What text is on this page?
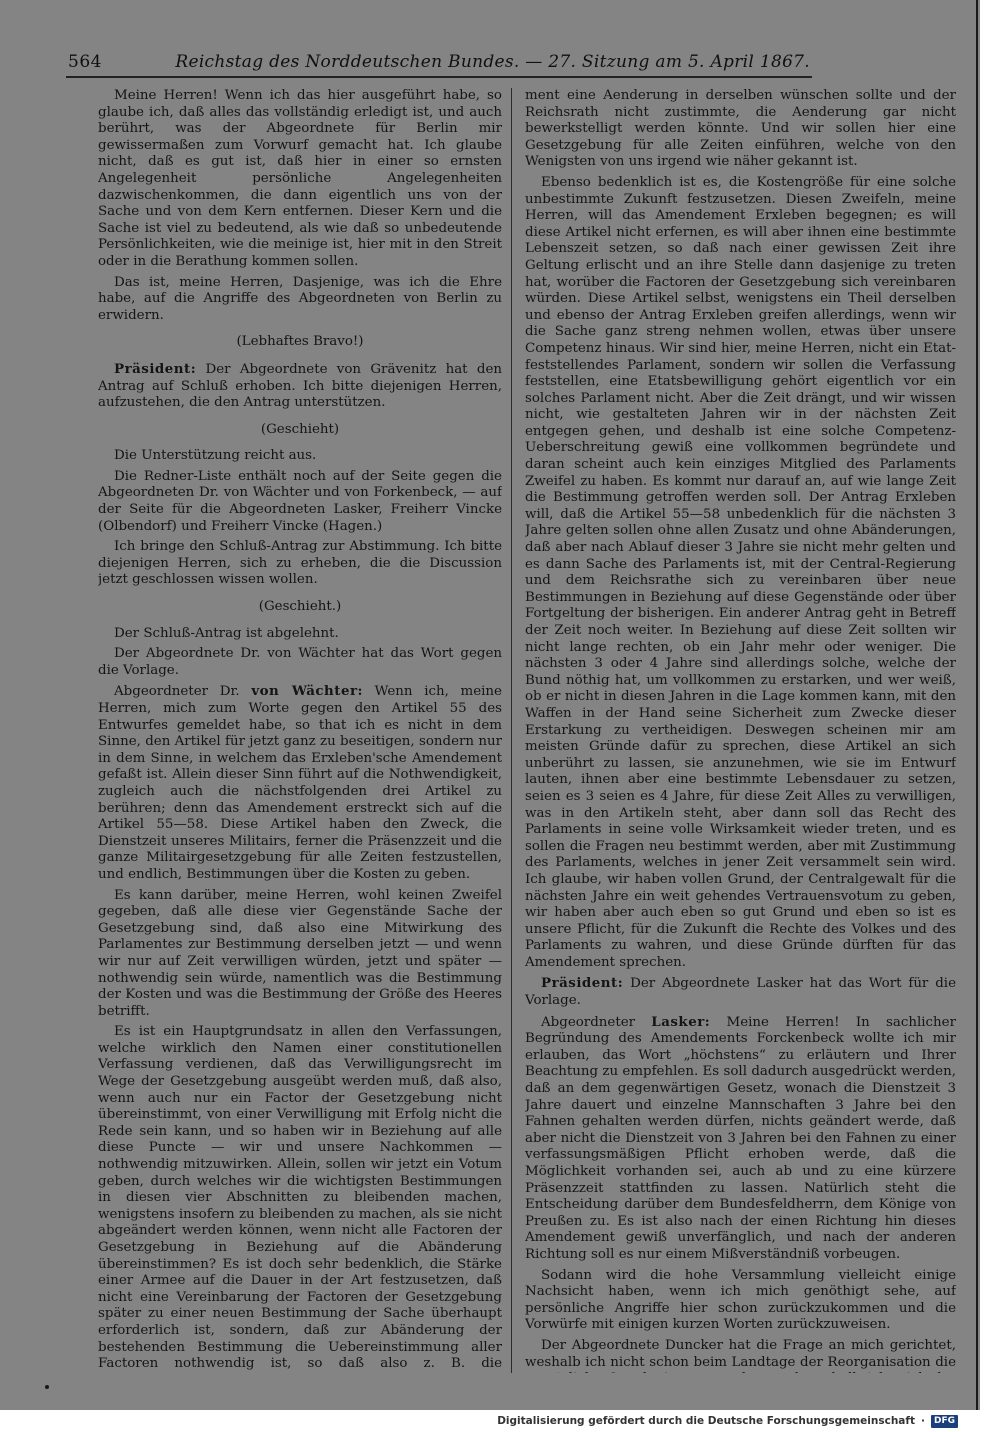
564	Reichstag des Norddeutschen Bundes. — 27. Sitzung am 5. April 1867.

Meine Herren! Wenn ich das hier ausgeführt habe, so glaube ich, daß alles das vollständig erledigt ist, und auch berührt, was der Abgeordnete für Berlin mir gewissermaßen zum Vorwurf gemacht hat. Ich glaube nicht, daß es gut ist, daß hier in einer so ernsten Angelegenheit persönliche Angelegenheiten dazwischenkommen, die dann eigentlich uns von der Sache und von dem Kern entfernen. Dieser Kern und die Sache ist viel zu bedeutend, als wie daß so unbedeutende Persönlichkeiten, wie die meinige ist, hier mit in den Streit oder in die Berathung kommen sollen.

Das ist, meine Herren, Dasjenige, was ich die Ehre habe, auf die Angriffe des Abgeordneten von Berlin zu erwidern.

(Lebhaftes Bravo!)

Präsident: Der Abgeordnete von Grävenitz hat den Antrag auf Schluß erhoben. Ich bitte diejenigen Herren, aufzustehen, die den Antrag unterstützen.

(Geschieht)

Die Unterstützung reicht aus.

Die Redner-Liste enthält noch auf der Seite gegen die Abgeordneten Dr. von Wächter und von Forkenbeck, — auf der Seite für die Abgeordneten Lasker, Freiherr Vincke (Olbendorf) und Freiherr Vincke (Hagen.)

Ich bringe den Schluß-Antrag zur Abstimmung. Ich bitte diejenigen Herren, sich zu erheben, die die Discussion jetzt geschlossen wissen wollen.

(Geschieht.)

Der Schluß-Antrag ist abgelehnt.

Der Abgeordnete Dr. von Wächter hat das Wort gegen die Vorlage.

Abgeordneter Dr. von Wächter: Wenn ich, meine Herren, mich zum Worte gegen den Artikel 55 des Entwurfes gemeldet habe, so that ich es nicht in dem Sinne, den Artikel für jetzt ganz zu beseitigen, sondern nur in dem Sinne, in welchem das Erxleben'sche Amendement gefaßt ist. Allein dieser Sinn führt auf die Nothwendigkeit, zugleich auch die nächstfolgenden drei Artikel zu berühren; denn das Amendement erstreckt sich auf die Artikel 55—58. Diese Artikel haben den Zweck, die Dienstzeit unseres Militairs, ferner die Präsenzzeit und die ganze Militairgesetzgebung für alle Zeiten festzustellen, und endlich, Bestimmungen über die Kosten zu geben.

Es kann darüber, meine Herren, wohl keinen Zweifel gegeben, daß alle diese vier Gegenstände Sache der Gesetzgebung sind, daß also eine Mitwirkung des Parlamentes zur Bestimmung derselben jetzt — und wenn wir nur auf Zeit verwilligen würden, jetzt und später — nothwendig sein würde, namentlich was die Bestimmung der Kosten und was die Bestimmung der Größe des Heeres betrifft.

Es ist ein Hauptgrundsatz in allen den Verfassungen, welche wirklich den Namen einer constitutionellen Verfassung verdienen, daß das Verwilligungsrecht im Wege der Gesetzgebung ausgeübt werden muß, daß also, wenn auch nur ein Factor der Gesetzgebung nicht übereinstimmt, von einer Verwilligung mit Erfolg nicht die Rede sein kann, und so haben wir in Beziehung auf alle diese Puncte — wir und unsere Nachkommen — nothwendig mitzuwirken. Allein, sollen wir jetzt ein Votum geben, durch welches wir die wichtigsten Bestimmungen in diesen vier Abschnitten zu bleibenden machen, wenigstens insofern zu bleibenden zu machen, als sie nicht abgeändert werden können, wenn nicht alle Factoren der Gesetzgebung in Beziehung auf die Abänderung übereinstimmen? Es ist doch sehr bedenklich, die Stärke einer Armee auf die Dauer in der Art festzusetzen, daß nicht eine Vereinbarung der Factoren der Gesetzgebung später zu einer neuen Bestimmung der Sache überhaupt erforderlich ist, sondern, daß zur Abänderung der bestehenden Bestimmung die Uebereinstimmung aller Factoren nothwendig ist, so daß also z. B. die

ment eine Aenderung in derselben wünschen sollte und der Reichsrath nicht zustimmte, die Aenderung gar nicht bewerkstelligt werden könnte. Und wir sollen hier eine Gesetzgebung für alle Zeiten einführen, welche von den Wenigsten von uns irgend wie näher gekannt ist.

Ebenso bedenklich ist es, die Kostengröße für eine solche unbestimmte Zukunft festzusetzen. Diesen Zweifeln, meine Herren, will das Amendement Erxleben begegnen; es will diese Artikel nicht erfernen, es will aber ihnen eine bestimmte Lebenszeit setzen, so daß nach einer gewissen Zeit ihre Geltung erlischt und an ihre Stelle dann dasjenige zu treten hat, worüber die Factoren der Gesetzgebung sich vereinbaren würden. Diese Artikel selbst, wenigstens ein Theil derselben und ebenso der Antrag Erxleben greifen allerdings, wenn wir die Sache ganz streng nehmen wollen, etwas über unsere Competenz hinaus. Wir sind hier, meine Herren, nicht ein Etat- feststellendes Parlament, sondern wir sollen die Verfassung feststellen, eine Etatsbewilligung gehört eigentlich vor ein solches Parlament nicht. Aber die Zeit drängt, und wir wissen nicht, wie gestalteten Jahren wir in der nächsten Zeit entgegen gehen, und deshalb ist eine solche Competenz-Ueberschreitung gewiß eine vollkommen begründete und daran scheint auch kein einziges Mitglied des Parlaments Zweifel zu haben. Es kommt nur darauf an, auf wie lange Zeit die Bestimmung getroffen werden soll. Der Antrag Erxleben will, daß die Artikel 55—58 unbedenklich für die nächsten 3 Jahre gelten sollen ohne allen Zusatz und ohne Abänderungen, daß aber nach Ablauf dieser 3 Jahre sie nicht mehr gelten und es dann Sache des Parlaments ist, mit der Central-Regierung und dem Reichsrathe sich zu vereinbaren über neue Bestimmungen in Beziehung auf diese Gegenstände oder über Fortgeltung der bisherigen. Ein anderer Antrag geht in Betreff der Zeit noch weiter. In Beziehung auf diese Zeit sollten wir nicht lange rechten, ob ein Jahr mehr oder weniger. Die nächsten 3 oder 4 Jahre sind allerdings solche, welche der Bund nöthig hat, um vollkommen zu erstarken, und wer weiß, ob er nicht in diesen Jahren in die Lage kommen kann, mit den Waffen in der Hand seine Sicherheit zum Zwecke dieser Erstarkung zu vertheidigen. Deswegen scheinen mir am meisten Gründe dafür zu sprechen, diese Artikel an sich unberührt zu lassen, sie anzunehmen, wie sie im Entwurf lauten, ihnen aber eine bestimmte Lebensdauer zu setzen, seien es 3 seien es 4 Jahre, für diese Zeit Alles zu verwilligen, was in den Artikeln steht, aber dann soll das Recht des Parlaments in seine volle Wirksamkeit wieder treten, und es sollen die Fragen neu bestimmt werden, aber mit Zustimmung des Parlaments, welches in jener Zeit versammelt sein wird. Ich glaube, wir haben vollen Grund, der Centralgewalt für die nächsten Jahre ein weit gehendes Vertrauensvotum zu geben, wir haben aber auch eben so gut Grund und eben so ist es unsere Pflicht, für die Zukunft die Rechte des Volkes und des Parlaments zu wahren, und diese Gründe dürften für das Amendement sprechen.

Präsident: Der Abgeordnete Lasker hat das Wort für die Vorlage.

Abgeordneter Lasker: Meine Herren! In sachlicher Begründung des Amendements Forckenbeck wollte ich mir erlauben, das Wort „höchstens“ zu erläutern und Ihrer Beachtung zu empfehlen. Es soll dadurch ausgedrückt werden, daß an dem gegenwärtigen Gesetz, wonach die Dienstzeit 3 Jahre dauert und einzelne Mannschaften 3 Jahre bei den Fahnen gehalten werden dürfen, nichts geändert werde, daß aber nicht die Dienstzeit von 3 Jahren bei den Fahnen zu einer verfassungsmäßigen Pflicht erhoben werde, daß die Möglichkeit vorhanden sei, auch ab und zu eine kürzere Präsenzzeit stattfinden zu lassen. Natürlich steht die Entscheidung darüber dem Bundesfeldherrn, dem Könige von Preußen zu. Es ist also nach der einen Richtung hin dieses Amendement gewiß unverfänglich, und nach der anderen Richtung soll es nur einem Mißverständniß vorbeugen.

Sodann wird die hohe Versammlung vielleicht einige Nachsicht haben, wenn ich mich genöthigt sehe, auf persönliche Angriffe hier schon zurückzukommen und die Vorwürfe mit einigen kurzen Worten zurückzuweisen.

Der Abgeordnete Duncker hat die Frage an mich gerichtet, weshalb ich nicht schon beim Landtage der Reorganisation die

Digitalisierung gefördert durch die Deutsche Forschungsgemeinschaft ·	DFG
